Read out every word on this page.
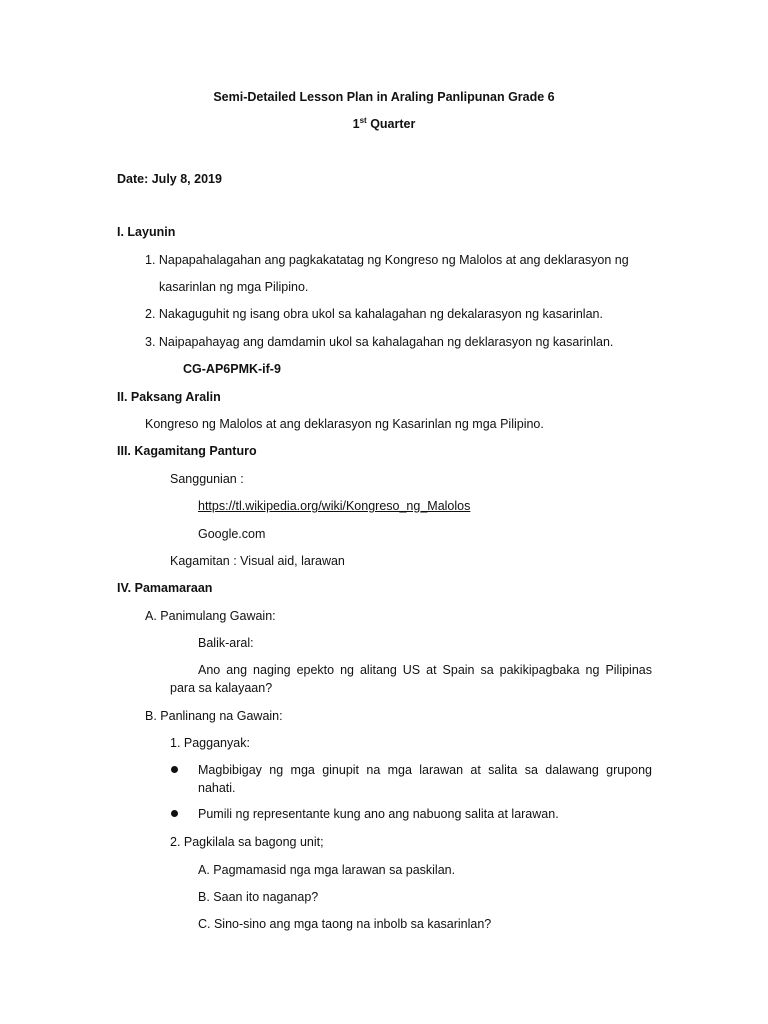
Semi-Detailed Lesson Plan in Araling Panlipunan Grade 6
1st Quarter
Date: July 8, 2019
I. Layunin
1. Napapahalagahan ang pagkakatatag ng Kongreso ng Malolos at ang deklarasyon ng
kasarinlan ng mga Pilipino.
2. Nakaguguhit ng isang obra ukol sa kahalagahan ng dekalarasyon ng kasarinlan.
3. Naipapahayag ang damdamin ukol sa kahalagahan ng deklarasyon ng kasarinlan.
CG-AP6PMK-if-9
II. Paksang Aralin
Kongreso ng Malolos at ang deklarasyon ng Kasarinlan ng mga Pilipino.
III. Kagamitang Panturo
Sanggunian :
https://tl.wikipedia.org/wiki/Kongreso_ng_Malolos
Google.com
Kagamitan : Visual aid, larawan
IV. Pamamaraan
A. Panimulang Gawain:
Balik-aral:
Ano ang naging epekto ng alitang US at Spain sa pakikipagbaka ng Pilipinas
para sa kalayaan?
B. Panlinang na Gawain:
1. Pagganyak:
Magbibigay ng mga ginupit na mga larawan at salita sa dalawang grupong
nahati.
Pumili ng representante kung ano ang nabuong salita at larawan.
2. Pagkilala sa bagong unit;
A. Pagmamasid nga mga larawan sa paskilan.
B. Saan ito naganap?
C. Sino-sino ang mga taong na inbolb sa kasarinlan?
